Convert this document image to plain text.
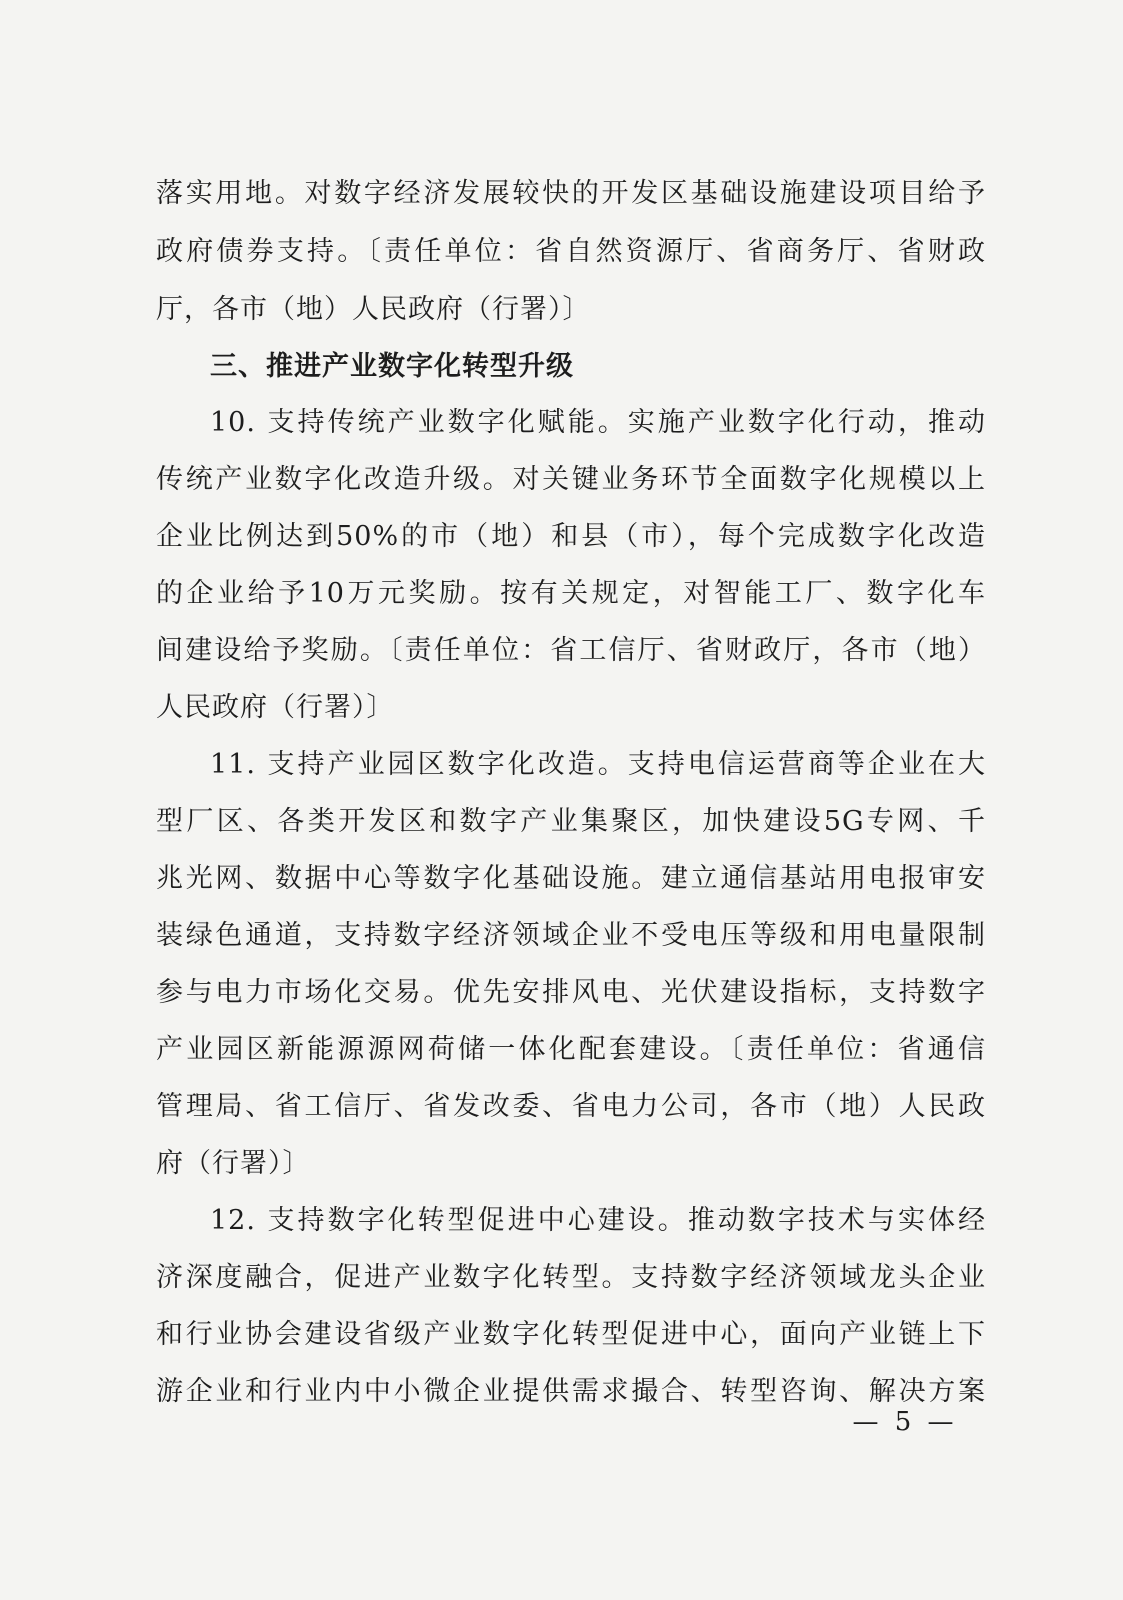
落实用地。对数字经济发展较快的开发区基础设施建设项目给予
政府债券支持。〔责任单位：省自然资源厅、省商务厅、省财政
厅，各市（地）人民政府（行署）〕
三、推进产业数字化转型升级
10. 支持传统产业数字化赋能。实施产业数字化行动，推动
传统产业数字化改造升级。对关键业务环节全面数字化规模以上
企业比例达到50%的市（地）和县（市），每个完成数字化改造
的企业给予10万元奖励。按有关规定，对智能工厂、数字化车
间建设给予奖励。〔责任单位：省工信厅、省财政厅，各市（地）
人民政府（行署）〕
11. 支持产业园区数字化改造。支持电信运营商等企业在大
型厂区、各类开发区和数字产业集聚区，加快建设5G专网、千
兆光网、数据中心等数字化基础设施。建立通信基站用电报审安
装绿色通道，支持数字经济领域企业不受电压等级和用电量限制
参与电力市场化交易。优先安排风电、光伏建设指标，支持数字
产业园区新能源源网荷储一体化配套建设。〔责任单位：省通信
管理局、省工信厅、省发改委、省电力公司，各市（地）人民政
府（行署）〕
12. 支持数字化转型促进中心建设。推动数字技术与实体经
济深度融合，促进产业数字化转型。支持数字经济领域龙头企业
和行业协会建设省级产业数字化转型促进中心，面向产业链上下
游企业和行业内中小微企业提供需求撮合、转型咨询、解决方案
— 5 —
